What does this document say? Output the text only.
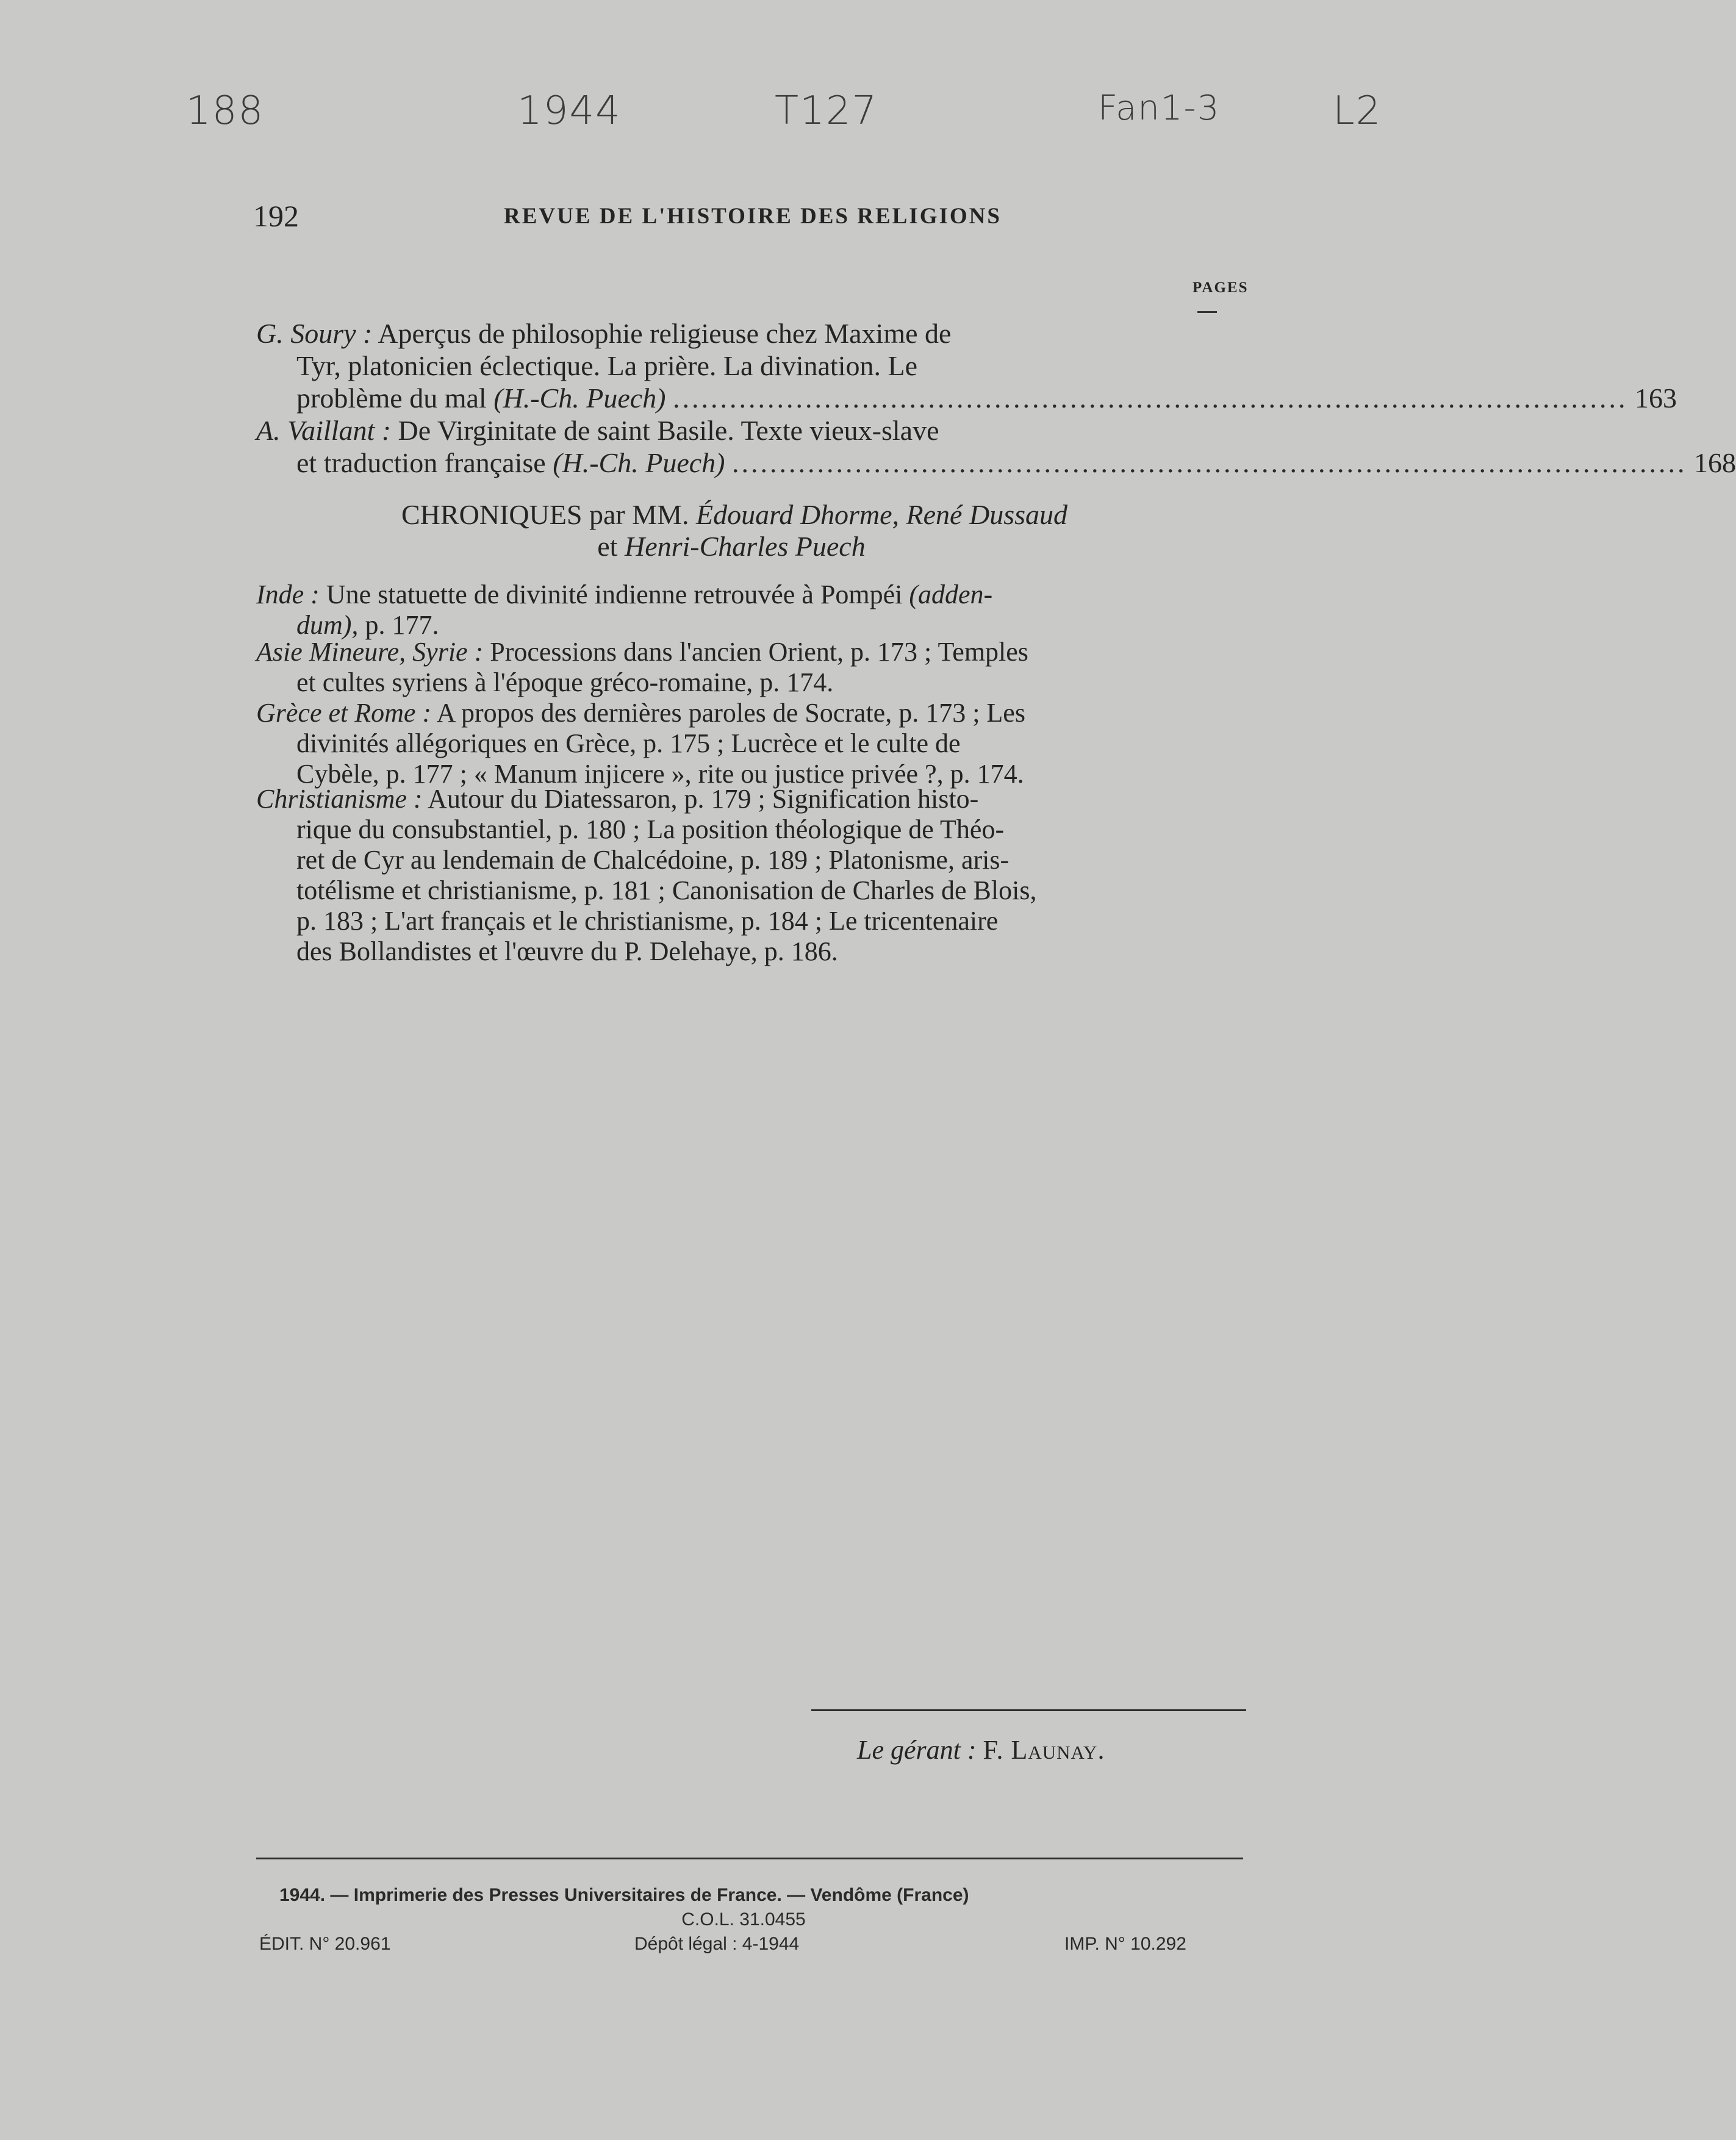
188	1944	T127	Fan1-3	L2
192	REVUE DE L'HISTOIRE DES RELIGIONS
PAGES
G. Soury : Aperçus de philosophie religieuse chez Maxime de
Tyr, platonicien éclectique. La prière. La divination. Le
problème du mal (H.-Ch. Puech) ..................................................................................................... 163
A. Vaillant : De Virginitate de saint Basile. Texte vieux-slave
et traduction française (H.-Ch. Puech) ..................................................................................................... 168
CHRONIQUES par MM. Édouard Dhorme, René Dussaud
et Henri-Charles Puech
Inde : Une statuette de divinité indienne retrouvée à Pompéi (adden-
dum), p. 177.
Asie Mineure, Syrie : Processions dans l'ancien Orient, p. 173 ; Temples
et cultes syriens à l'époque gréco-romaine, p. 174.
Grèce et Rome : A propos des dernières paroles de Socrate, p. 173 ; Les
divinités allégoriques en Grèce, p. 175 ; Lucrèce et le culte de
Cybèle, p. 177 ; « Manum injicere », rite ou justice privée ?, p. 174.
Christianisme : Autour du Diatessaron, p. 179 ; Signification histo-
rique du consubstantiel, p. 180 ; La position théologique de Théo-
ret de Cyr au lendemain de Chalcédoine, p. 189 ; Platonisme, aris-
totélisme et christianisme, p. 181 ; Canonisation de Charles de Blois,
p. 183 ; L'art français et le christianisme, p. 184 ; Le tricentenaire
des Bollandistes et l'œuvre du P. Delehaye, p. 186.
Le gérant : F. Launay.
1944. — Imprimerie des Presses Universitaires de France. — Vendôme (France)
C.O.L. 31.0455
ÉDIT. N° 20.961	Dépôt légal : 4-1944	IMP. N° 10.292
